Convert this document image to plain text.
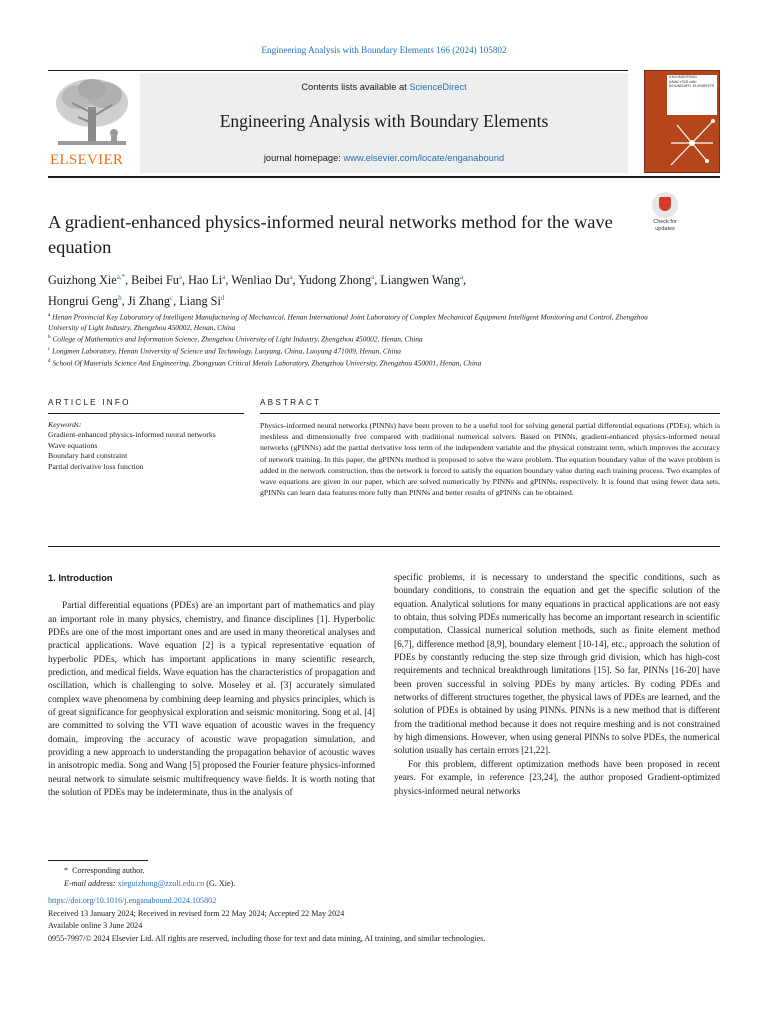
Engineering Analysis with Boundary Elements 166 (2024) 105802
ELSEVIER
Contents lists available at ScienceDirect
Engineering Analysis with Boundary Elements
journal homepage: www.elsevier.com/locate/enganabound
ENGINEERING ANALYSIS with BOUNDARY ELEMENTS
Check for
updates
A gradient-enhanced physics-informed neural networks method for the wave equation
Guizhong Xie$^{a,*}$, Beibei Fu$^a$, Hao Li$^a$, Wenliao Du$^a$, Yudong Zhong$^a$, Liangwen Wang$^a$,
Hongrui Geng$^b$, Ji Zhang$^c$, Liang Si$^d$
$^a$ Henan Provincial Key Laboratory of Intelligent Manufacturing of Mechanical, Henan International Joint Laboratory of Complex Mechanical Equipment Intelligent Monitoring and Control, Zhengzhou University of Light Industry, Zhengzhou 450002, Henan, China
$^b$ College of Mathematics and Information Science, Zhengzhou University of Light Industry, Zhengzhou 450002, Henan, China
$^c$ Longmen Laboratory, Henan University of Science and Technology, Luoyang, China, Luoyang 471009, Henan, China
$^d$ School Of Materials Science And Engineering, Zhongyuan Critical Metals Laboratory, Zhengzhou University, Zhengzhou 450001, Henan, China
ARTICLE INFO
Keywords:
Gradient-enhanced physics-informed neural networks
Wave equations
Boundary hard constraint
Partial derivative loss function
ABSTRACT

Physics-informed neural networks (PINNs) have been proven to be a useful tool for solving general partial differential equations (PDEs), which is meshless and dimensionally free compared with traditional numerical solvers. Based on PINNs, gradient-enhanced physics-informed neural networks (gPINNs) add the partial derivative loss term of the independent variable and the physical constraint term, which improves the accuracy of network training. In this paper, the gPINNs method is proposed to solve the wave problem. The equation boundary value of the wave problem is added in the network construction, thus the network is forced to satisfy the equation boundary value during each training process. Two examples of wave equations are given in our paper, which are solved numerically by PINNs and gPINNs, respectively. It is found that using fewer data sets, gPINNs can learn data features more fully than PINNs and better results of gPINNs can be obtained.

1. Introduction

Partial differential equations (PDEs) are an important part of mathematics and play an important role in many physics, chemistry, and finance disciplines [1]. Hyperbolic PDEs are one of the most important ones and are used in many theoretical analyses and practical applications. Wave equation [2] is a typical representative equation of hyperbolic PDEs, which has important applications in many scientific research, prediction, and medical fields. Wave equation has the characteristics of propagation and oscillation, which is challenging to solve. Moseley et al. [3] accurately simulated complex wave phenomena by combining deep learning and physics principles, which is of great significance for geophysical exploration and seismic monitoring. Song et al. [4] are committed to solving the VTI wave equation of acoustic waves in the frequency domain, improving the accuracy of acoustic wave propagation simulation, and providing a new approach to understanding the propagation behavior of acoustic waves in anisotropic media. Song and Wang [5] proposed the Fourier feature physics-informed neural network to simulate seismic multifrequency wave fields. It is worth noting that the solution of PDEs may be indeterminate, thus in the analysis of

specific problems, it is necessary to understand the specific conditions, such as boundary conditions, to constrain the equation and get the specific solution of the equation. Analytical solutions for many equations in practical applications are not easy to obtain, thus solving PDEs numerically has become an important research in scientific computation. Classical numerical solution methods, such as finite element method [6,7], difference method [8,9], boundary element [10-14], etc., approach the solution of PDEs by constantly reducing the step size through grid division, which has high-cost requirements and technical breakthrough limitations [15]. So far, PINNs [16-20] have been proven successful in solving PDEs by many articles. By coding PDEs and networks of different structures together, the physical laws of PDEs are learned, and the solution of PDEs is obtained by using PINNs. PINNs is a new method that is different from the traditional method because it does not require meshing and is not constrained by high dimensions. However, when using general PINNs to solve PDEs, the numerical solution usually has certain errors [21,22].

For this problem, different optimization methods have been proposed in recent years. For example, in reference [23,24], the author proposed Gradient-optimized physics-informed neural networks

* Corresponding author.
E-mail address: xieguizhong@zzuli.edu.cn (G. Xie).
https://doi.org/10.1016/j.enganabound.2024.105802
Received 13 January 2024; Received in revised form 22 May 2024; Accepted 22 May 2024
Available online 3 June 2024
0955-7997/© 2024 Elsevier Ltd. All rights are reserved, including those for text and data mining, AI training, and similar technologies.
